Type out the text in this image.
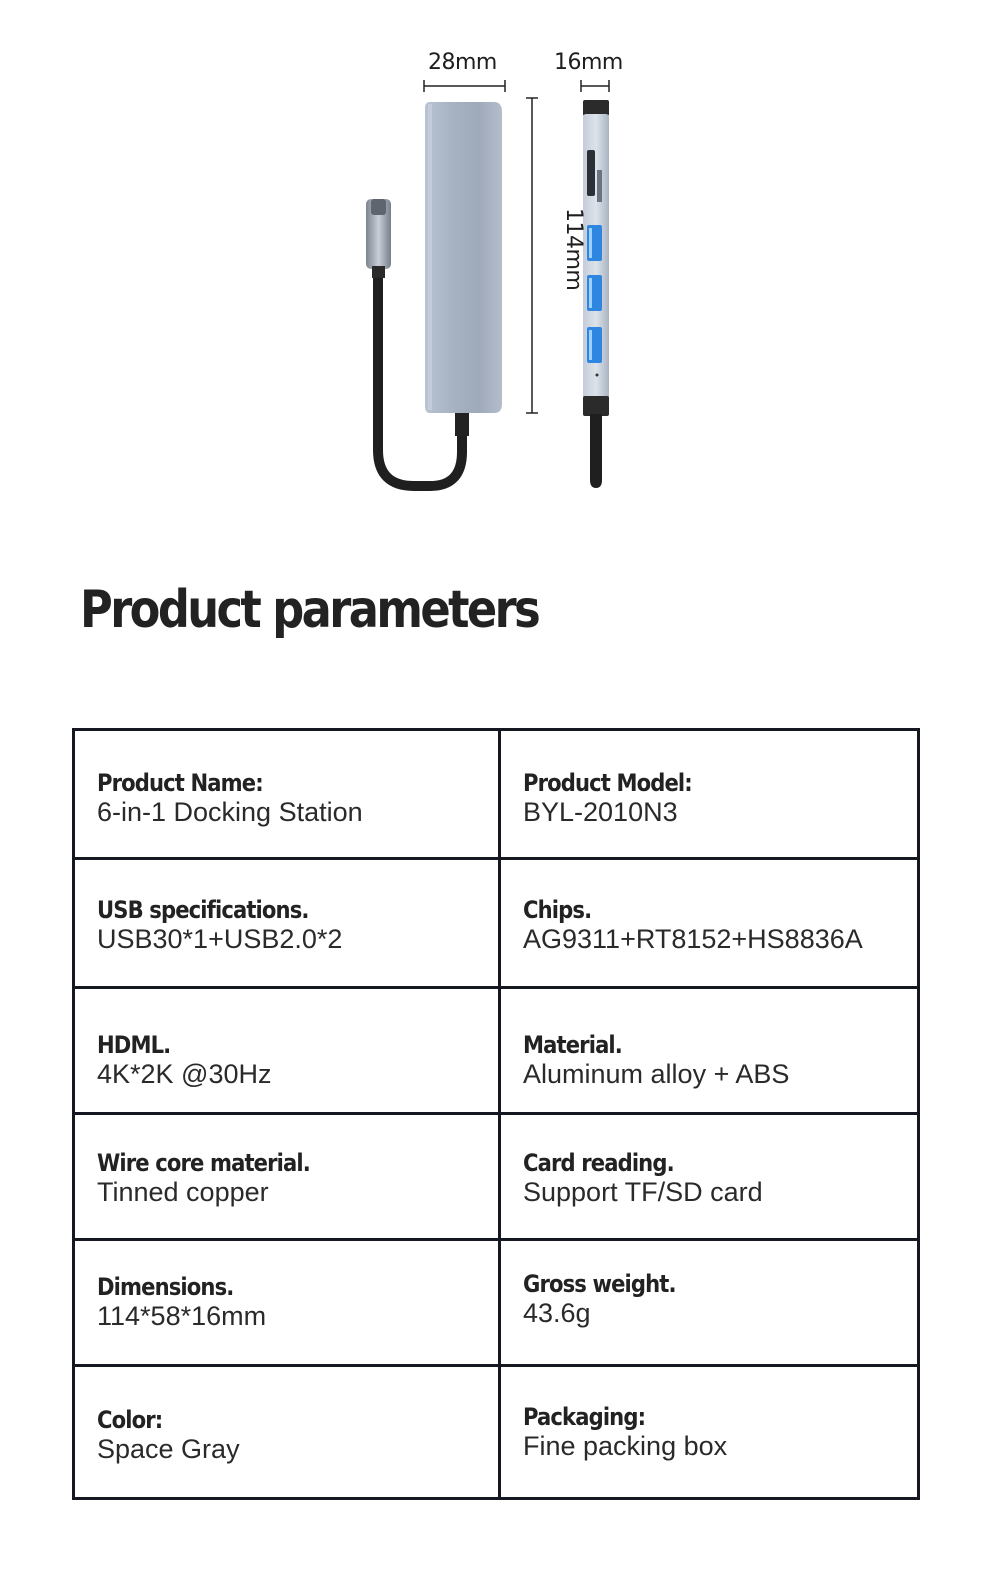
28mm	16mm
114mm
Product parameters
Product Name:
6-in-1 Docking Station
Product Model:
BYL-2010N3
USB specifications.
USB30*1+USB2.0*2
Chips.
AG9311+RT8152+HS8836A
HDML.
4K*2K @30Hz
Material.
Aluminum alloy + ABS
Wire core material.
Tinned copper
Card reading.
Support TF/SD card
Dimensions.
114*58*16mm
Gross weight.
43.6g
Color:
Space Gray
Packaging:
Fine packing box
